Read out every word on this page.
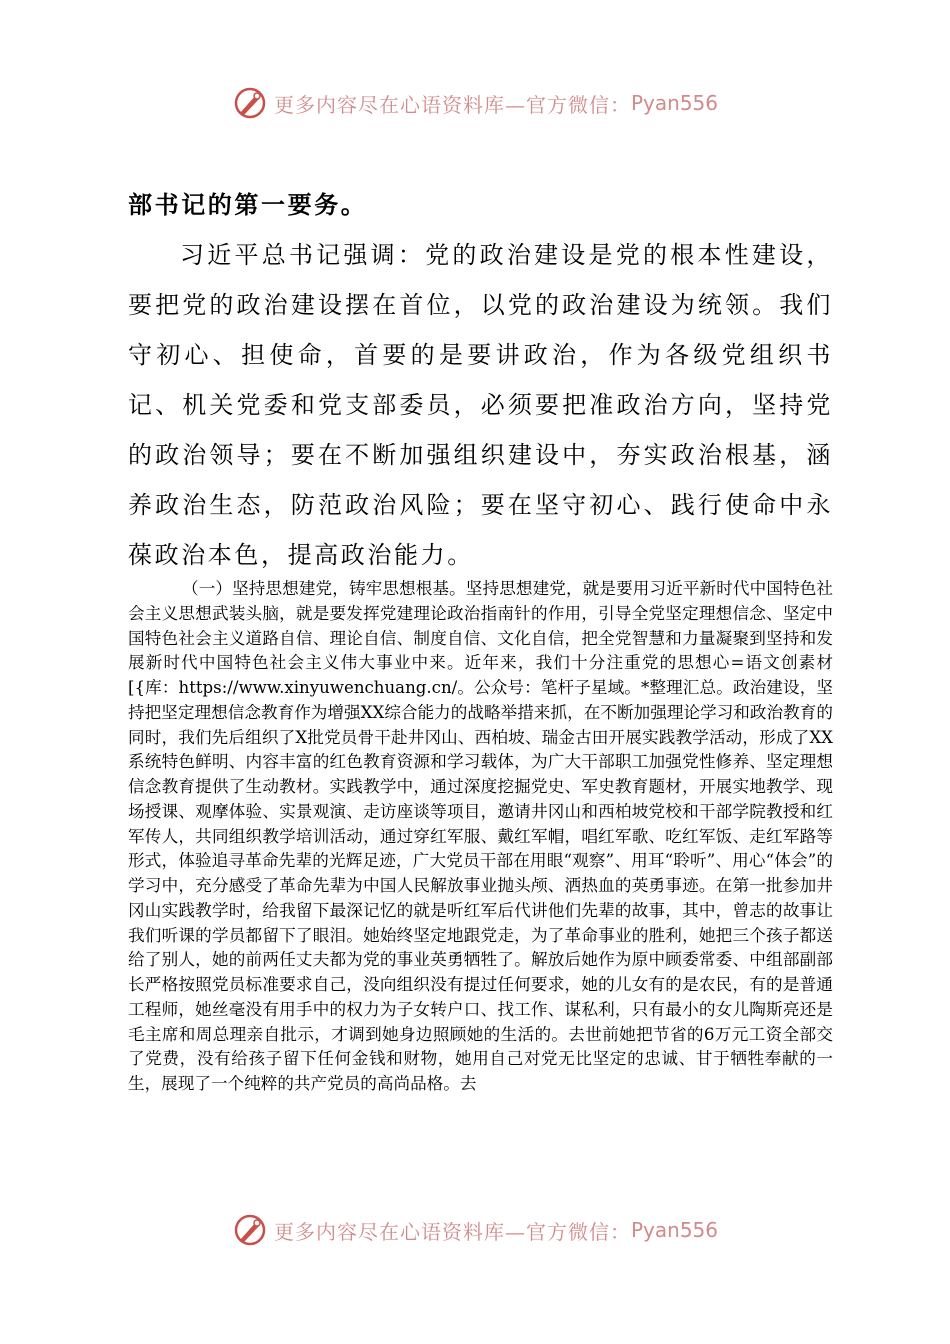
更多内容尽在心语资料库—官方微信： Pyan556

部书记的第一要务。

习近平总书记强调：党的政治建设是党的根本性建设，要把党的政治建设摆在首位，以党的政治建设为统领。我们守初心、担使命，首要的是要讲政治，作为各级党组织书记、机关党委和党支部委员，必须要把准政治方向，坚持党的政治领导；要在不断加强组织建设中，夯实政治根基，涵养政治生态，防范政治风险；要在坚守初心、践行使命中永葆政治本色，提高政治能力。

（一）坚持思想建党，铸牢思想根基。坚持思想建党，就是要用习近平新时代中国特色社会主义思想武装头脑，就是要发挥党建理论政治指南针的作用，引导全党坚定理想信念、坚定中国特色社会主义道路自信、理论自信、制度自信、文化自信，把全党智慧和力量凝聚到坚持和发展新时代中国特色社会主义伟大事业中来。近年来，我们十分注重党的思想心=语文创素材[{库：https://www.xinyuwenchuang.cn/。公众号：笔杆子星域。*整理汇总。政治建设，坚持把坚定理想信念教育作为增强XX综合能力的战略举措来抓，在不断加强理论学习和政治教育的同时，我们先后组织了X批党员骨干赴井冈山、西柏坡、瑞金古田开展实践教学活动，形成了XX系统特色鲜明、内容丰富的红色教育资源和学习载体，为广大干部职工加强党性修养、坚定理想信念教育提供了生动教材。实践教学中，通过深度挖掘党史、军史教育题材，开展实地教学、现场授课、观摩体验、实景观演、走访座谈等项目，邀请井冈山和西柏坡党校和干部学院教授和红军传人，共同组织教学培训活动，通过穿红军服、戴红军帽，唱红军歌、吃红军饭、走红军路等形式，体验追寻革命先辈的光辉足迹，广大党员干部在用眼“观察”、用耳“聆听”、用心“体会”的学习中，充分感受了革命先辈为中国人民解放事业抛头颅、洒热血的英勇事迹。在第一批参加井冈山实践教学时，给我留下最深记忆的就是听红军后代讲他们先辈的故事，其中，曾志的故事让我们听课的学员都留下了眼泪。她始终坚定地跟党走，为了革命事业的胜利，她把三个孩子都送给了别人，她的前两任丈夫都为党的事业英勇牺牲了。解放后她作为原中顾委常委、中组部副部长严格按照党员标准要求自己，没向组织没有提过任何要求，她的儿女有的是农民，有的是普通工程师，她丝毫没有用手中的权力为子女转户口、找工作、谋私利，只有最小的女儿陶斯亮还是毛主席和周总理亲自批示，才调到她身边照顾她的生活的。去世前她把节省的6万元工资全部交了党费，没有给孩子留下任何金钱和财物，她用自己对党无比坚定的忠诚、甘于牺牲奉献的一生，展现了一个纯粹的共产党员的高尚品格。去

更多内容尽在心语资料库—官方微信： Pyan556
